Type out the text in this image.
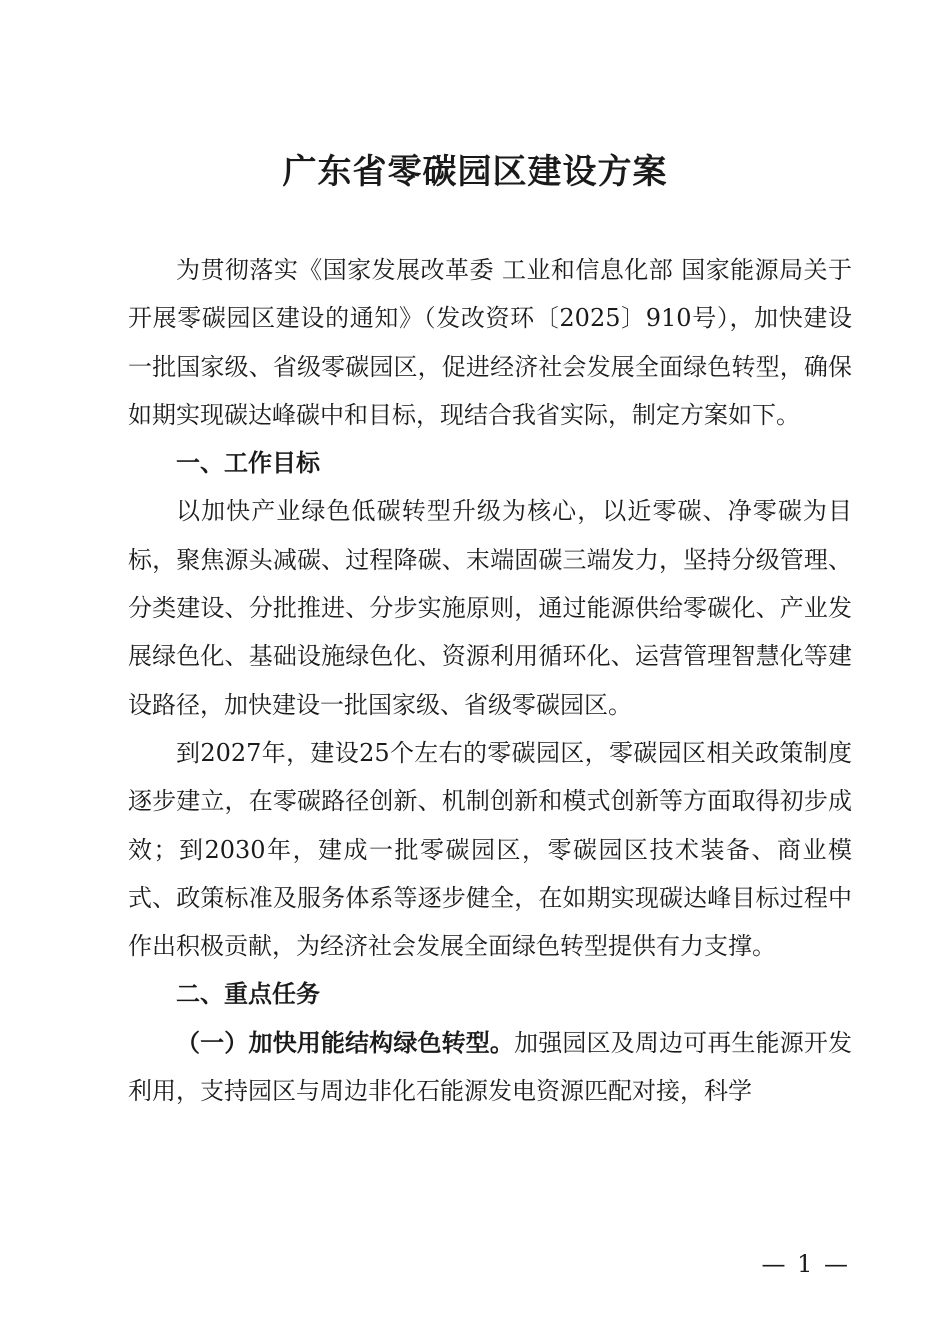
广东省零碳园区建设方案

为贯彻落实《国家发展改革委 工业和信息化部 国家能源局关于开展零碳园区建设的通知》（发改资环〔2025〕910号），加快建设一批国家级、省级零碳园区，促进经济社会发展全面绿色转型，确保如期实现碳达峰碳中和目标，现结合我省实际，制定方案如下。

一、工作目标

以加快产业绿色低碳转型升级为核心，以近零碳、净零碳为目标，聚焦源头减碳、过程降碳、末端固碳三端发力，坚持分级管理、分类建设、分批推进、分步实施原则，通过能源供给零碳化、产业发展绿色化、基础设施绿色化、资源利用循环化、运营管理智慧化等建设路径，加快建设一批国家级、省级零碳园区。

到2027年，建设25个左右的零碳园区，零碳园区相关政策制度逐步建立，在零碳路径创新、机制创新和模式创新等方面取得初步成效；到2030年，建成一批零碳园区，零碳园区技术装备、商业模式、政策标准及服务体系等逐步健全，在如期实现碳达峰目标过程中作出积极贡献，为经济社会发展全面绿色转型提供有力支撑。

二、重点任务

（一）加快用能结构绿色转型。加强园区及周边可再生能源开发利用，支持园区与周边非化石能源发电资源匹配对接，科学

— 1 —
